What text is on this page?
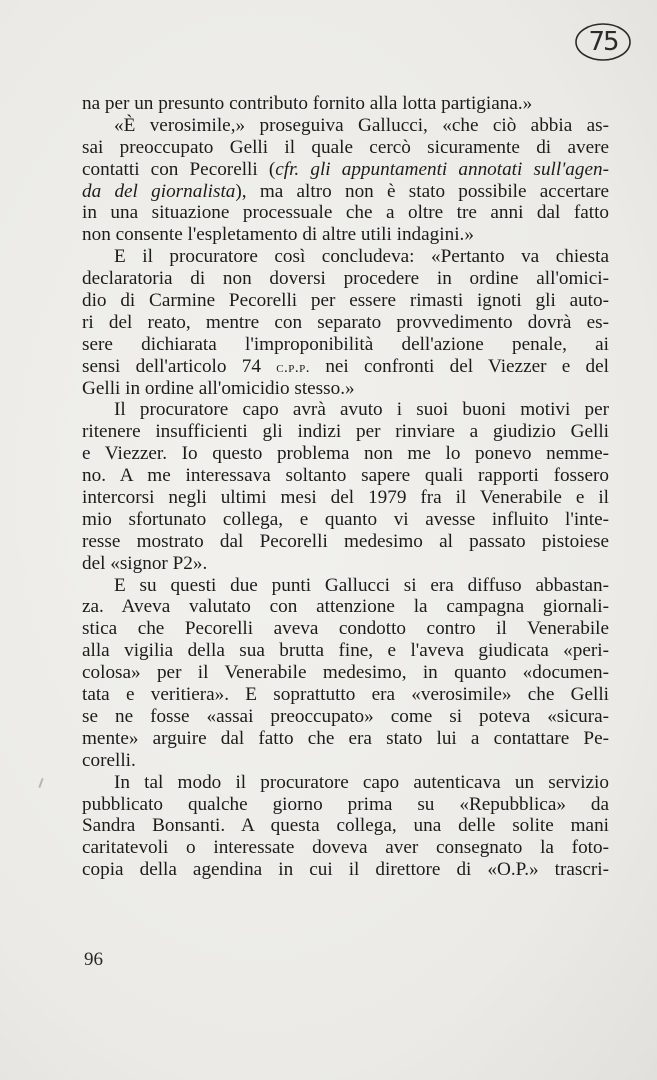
75
na per un presunto contributo fornito alla lotta partigiana.»
«È verosimile,» proseguiva Gallucci, «che ciò abbia as-
sai preoccupato Gelli il quale cercò sicuramente di avere
contatti con Pecorelli (cfr. gli appuntamenti annotati sull'agen-
da del giornalista), ma altro non è stato possibile accertare
in una situazione processuale che a oltre tre anni dal fatto
non consente l'espletamento di altre utili indagini.»
E il procuratore così concludeva: «Pertanto va chiesta
declaratoria di non doversi procedere in ordine all'omici-
dio di Carmine Pecorelli per essere rimasti ignoti gli auto-
ri del reato, mentre con separato provvedimento dovrà es-
sere dichiarata l'improponibilità dell'azione penale, ai
sensi dell'articolo 74 c.p.p. nei confronti del Viezzer e del
Gelli in ordine all'omicidio stesso.»
Il procuratore capo avrà avuto i suoi buoni motivi per
ritenere insufficienti gli indizi per rinviare a giudizio Gelli
e Viezzer. Io questo problema non me lo ponevo nemme-
no. A me interessava soltanto sapere quali rapporti fossero
intercorsi negli ultimi mesi del 1979 fra il Venerabile e il
mio sfortunato collega, e quanto vi avesse influito l'inte-
resse mostrato dal Pecorelli medesimo al passato pistoiese
del «signor P2».
E su questi due punti Gallucci si era diffuso abbastan-
za. Aveva valutato con attenzione la campagna giornali-
stica che Pecorelli aveva condotto contro il Venerabile
alla vigilia della sua brutta fine, e l'aveva giudicata «peri-
colosa» per il Venerabile medesimo, in quanto «documen-
tata e veritiera». E soprattutto era «verosimile» che Gelli
se ne fosse «assai preoccupato» come si poteva «sicura-
mente» arguire dal fatto che era stato lui a contattare Pe-
corelli.
In tal modo il procuratore capo autenticava un servizio
pubblicato qualche giorno prima su «Repubblica» da
Sandra Bonsanti. A questa collega, una delle solite mani
caritatevoli o interessate doveva aver consegnato la foto-
copia della agendina in cui il direttore di «O.P.» trascri-
96
